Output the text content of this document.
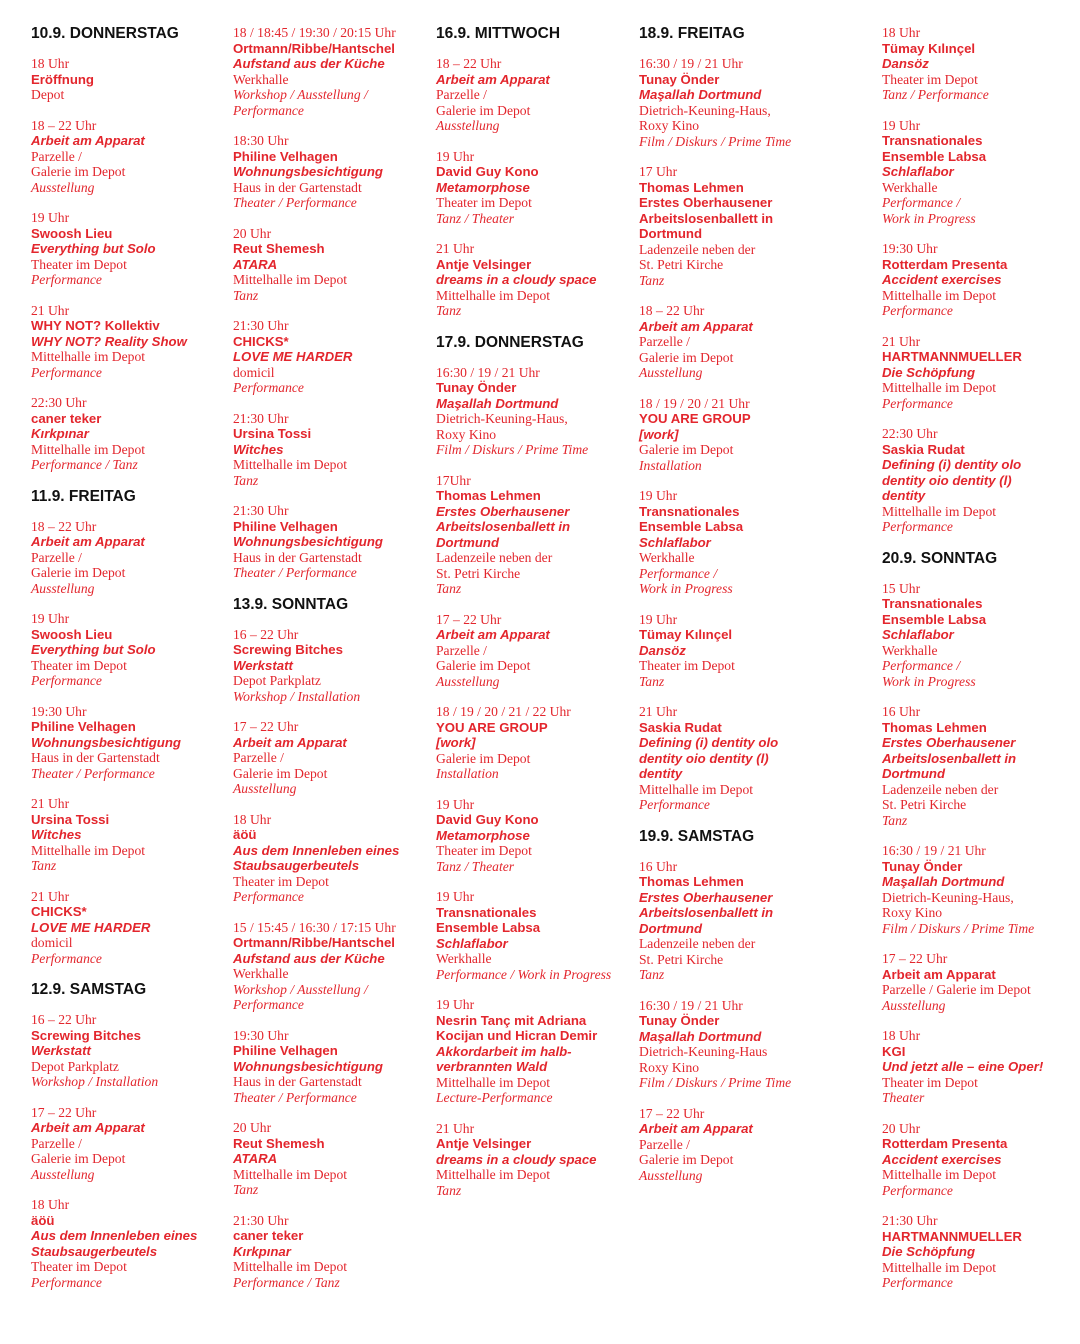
10.9. DONNERSTAG
18 Uhr
Eröffnung
Depot
18 – 22 Uhr
Arbeit am Apparat
Parzelle /
Galerie im Depot
Ausstellung
19 Uhr
Swoosh Lieu
Everything but Solo
Theater im Depot
Performance
21 Uhr
WHY NOT? Kollektiv
WHY NOT? Reality Show
Mittelhalle im Depot
Performance
22:30 Uhr
caner teker
Kırkpınar
Mittelhalle im Depot
Performance / Tanz
11.9. FREITAG
18 – 22 Uhr
Arbeit am Apparat
Parzelle /
Galerie im Depot
Ausstellung
19 Uhr
Swoosh Lieu
Everything but Solo
Theater im Depot
Performance
19:30 Uhr
Philine Velhagen
Wohnungsbesichtigung
Haus in der Gartenstadt
Theater / Performance
21 Uhr
Ursina Tossi
Witches
Mittelhalle im Depot
Tanz
21 Uhr
CHICKS*
LOVE ME HARDER
domicil
Performance
12.9. SAMSTAG
16 – 22 Uhr
Screwing Bitches
Werkstatt
Depot Parkplatz
Workshop / Installation
17 – 22 Uhr
Arbeit am Apparat
Parzelle /
Galerie im Depot
Ausstellung
18 Uhr
äöü
Aus dem Innenleben eines
Staubsaugerbeutels
Theater im Depot
Performance
18 / 18:45 / 19:30 / 20:15 Uhr
Ortmann/Ribbe/Hantschel
Aufstand aus der Küche
Werkhalle
Workshop / Ausstellung /
Performance
18:30 Uhr
Philine Velhagen
Wohnungsbesichtigung
Haus in der Gartenstadt
Theater / Performance
20 Uhr
Reut Shemesh
ATARA
Mittelhalle im Depot
Tanz
21:30 Uhr
CHICKS*
LOVE ME HARDER
domicil
Performance
21:30 Uhr
Ursina Tossi
Witches
Mittelhalle im Depot
Tanz
21:30 Uhr
Philine Velhagen
Wohnungsbesichtigung
Haus in der Gartenstadt
Theater / Performance
13.9. SONNTAG
16 – 22 Uhr
Screwing Bitches
Werkstatt
Depot Parkplatz
Workshop / Installation
17 – 22 Uhr
Arbeit am Apparat
Parzelle /
Galerie im Depot
Ausstellung
18 Uhr
äöü
Aus dem Innenleben eines
Staubsaugerbeutels
Theater im Depot
Performance
15 / 15:45 / 16:30 / 17:15 Uhr
Ortmann/Ribbe/Hantschel
Aufstand aus der Küche
Werkhalle
Workshop / Ausstellung /
Performance
19:30 Uhr
Philine Velhagen
Wohnungsbesichtigung
Haus in der Gartenstadt
Theater / Performance
20 Uhr
Reut Shemesh
ATARA
Mittelhalle im Depot
Tanz
21:30 Uhr
caner teker
Kırkpınar
Mittelhalle im Depot
Performance / Tanz
16.9. MITTWOCH
18 – 22 Uhr
Arbeit am Apparat
Parzelle /
Galerie im Depot
Ausstellung
19 Uhr
David Guy Kono
Metamorphose
Theater im Depot
Tanz / Theater
21 Uhr
Antje Velsinger
dreams in a cloudy space
Mittelhalle im Depot
Tanz
17.9. DONNERSTAG
16:30 / 19 / 21 Uhr
Tunay Önder
Maşallah Dortmund
Dietrich-Keuning-Haus,
Roxy Kino
Film / Diskurs / Prime Time
17Uhr
Thomas Lehmen
Erstes Oberhausener
Arbeitslosenballett in
Dortmund
Ladenzeile neben der
St. Petri Kirche
Tanz
17 – 22 Uhr
Arbeit am Apparat
Parzelle /
Galerie im Depot
Ausstellung
18 / 19 / 20 / 21 / 22 Uhr
YOU ARE GROUP
[work]
Galerie im Depot
Installation
19 Uhr
David Guy Kono
Metamorphose
Theater im Depot
Tanz / Theater
19 Uhr
Transnationales
Ensemble Labsa
Schlaflabor
Werkhalle
Performance / Work in Progress
19 Uhr
Nesrin Tanç mit Adriana
Kocijan und Hicran Demir
Akkordarbeit im halb-
verbrannten Wald
Mittelhalle im Depot
Lecture-Performance
21 Uhr
Antje Velsinger
dreams in a cloudy space
Mittelhalle im Depot
Tanz
18.9. FREITAG
16:30 / 19 / 21 Uhr
Tunay Önder
Maşallah Dortmund
Dietrich-Keuning-Haus,
Roxy Kino
Film / Diskurs / Prime Time
17 Uhr
Thomas Lehmen
Erstes Oberhausener
Arbeitslosenballett in
Dortmund
Ladenzeile neben der
St. Petri Kirche
Tanz
18 – 22 Uhr
Arbeit am Apparat
Parzelle /
Galerie im Depot
Ausstellung
18 / 19 / 20 / 21 Uhr
YOU ARE GROUP
[work]
Galerie im Depot
Installation
19 Uhr
Transnationales
Ensemble Labsa
Schlaflabor
Werkhalle
Performance /
Work in Progress
19 Uhr
Tümay Kılınçel
Dansöz
Theater im Depot
Tanz
21 Uhr
Saskia Rudat
Defining (i) dentity olo
dentity oio dentity (l)
dentity
Mittelhalle im Depot
Performance
19.9. SAMSTAG
16 Uhr
Thomas Lehmen
Erstes Oberhausener
Arbeitslosenballett in
Dortmund
Ladenzeile neben der
St. Petri Kirche
Tanz
16:30 / 19 / 21 Uhr
Tunay Önder
Maşallah Dortmund
Dietrich-Keuning-Haus
Roxy Kino
Film / Diskurs / Prime Time
17 – 22 Uhr
Arbeit am Apparat
Parzelle /
Galerie im Depot
Ausstellung
18 Uhr
Tümay Kılınçel
Dansöz
Theater im Depot
Tanz / Performance
19 Uhr
Transnationales
Ensemble Labsa
Schlaflabor
Werkhalle
Performance /
Work in Progress
19:30 Uhr
Rotterdam Presenta
Accident exercises
Mittelhalle im Depot
Performance
21 Uhr
HARTMANNMUELLER
Die Schöpfung
Mittelhalle im Depot
Performance
22:30 Uhr
Saskia Rudat
Defining (i) dentity olo
dentity oio dentity (l)
dentity
Mittelhalle im Depot
Performance
20.9. SONNTAG
15 Uhr
Transnationales
Ensemble Labsa
Schlaflabor
Werkhalle
Performance /
Work in Progress
16 Uhr
Thomas Lehmen
Erstes Oberhausener
Arbeitslosenballett in
Dortmund
Ladenzeile neben der
St. Petri Kirche
Tanz
16:30 / 19 / 21 Uhr
Tunay Önder
Maşallah Dortmund
Dietrich-Keuning-Haus,
Roxy Kino
Film / Diskurs / Prime Time
17 – 22 Uhr
Arbeit am Apparat
Parzelle / Galerie im Depot
Ausstellung
18 Uhr
KGI
Und jetzt alle – eine Oper!
Theater im Depot
Theater
20 Uhr
Rotterdam Presenta
Accident exercises
Mittelhalle im Depot
Performance
21:30 Uhr
HARTMANNMUELLER
Die Schöpfung
Mittelhalle im Depot
Performance
